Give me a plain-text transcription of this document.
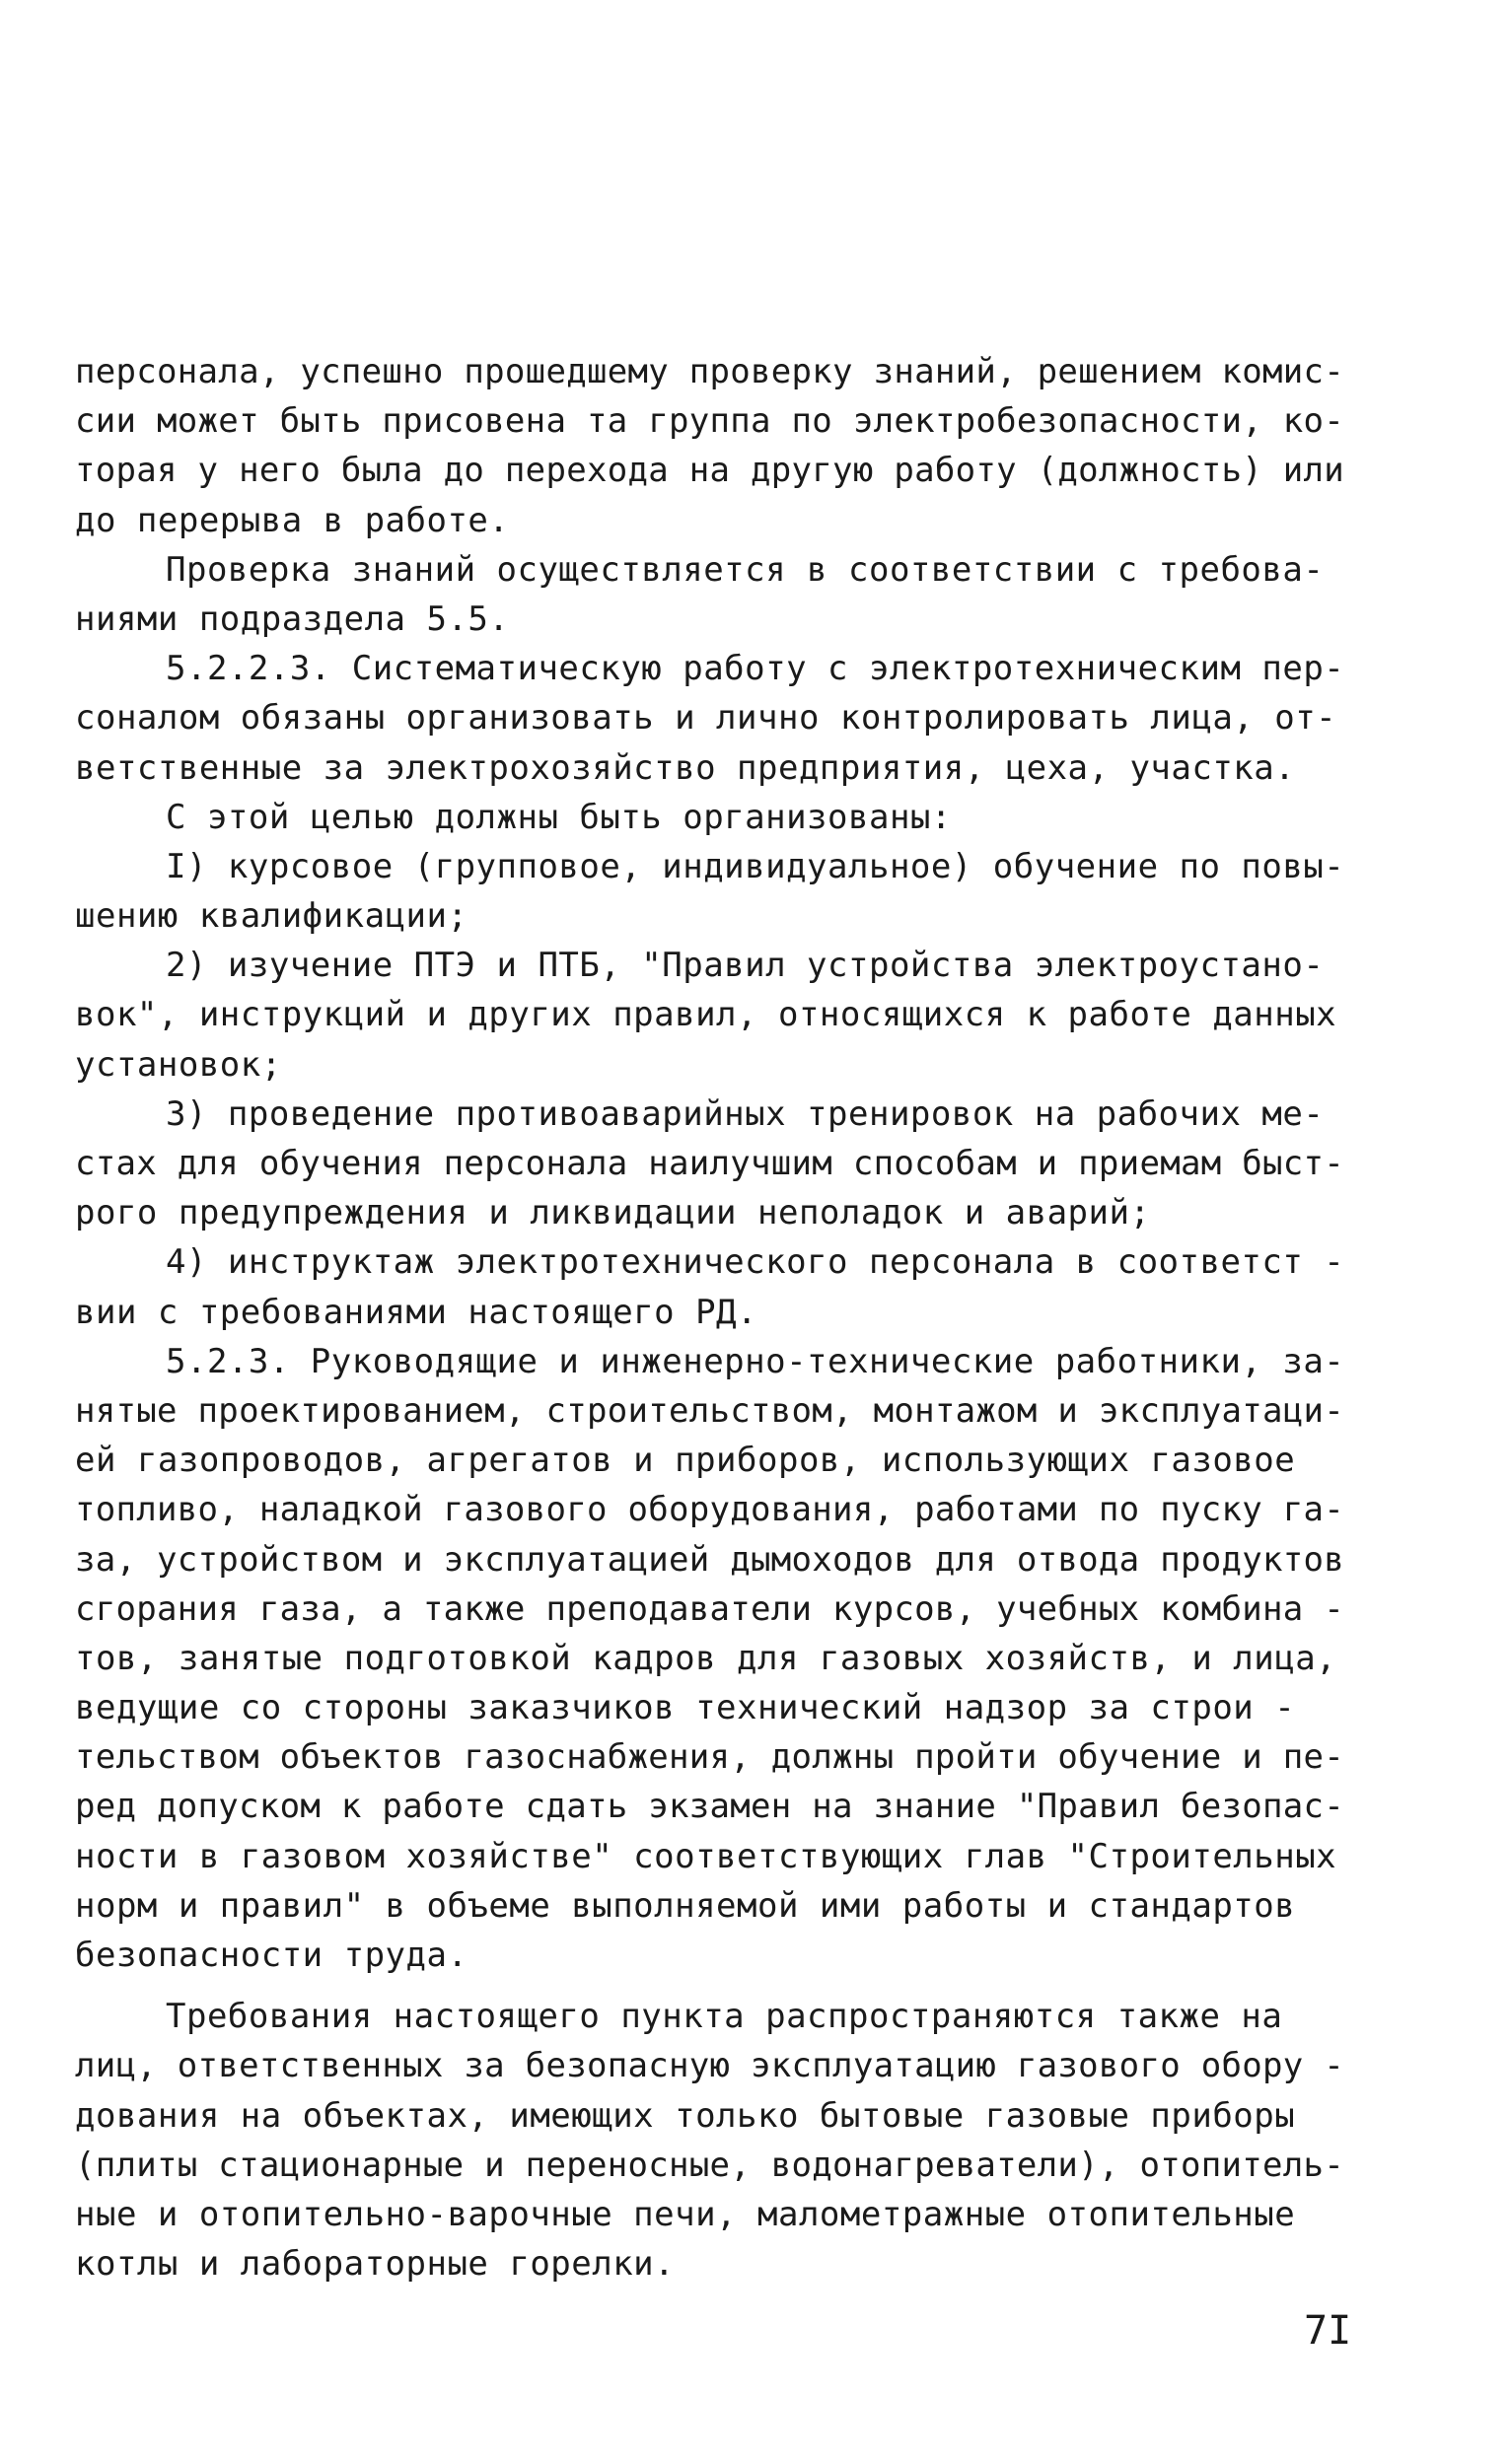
персонала, успешно прошедшему проверку знаний, решением комис-
сии может быть присовена та группа по электробезопасности, ко-
торая у него была до перехода на другую работу (должность) или
до перерыва в работе.
Проверка знаний осуществляется в соответствии с требова-
ниями подраздела 5.5.
5.2.2.3. Систематическую работу с электротехническим пер-
соналом обязаны организовать и лично контролировать лица, от-
ветственные за электрохозяйство предприятия, цеха, участка.
С этой целью должны быть организованы:
I) курсовое (групповое, индивидуальное) обучение по повы-
шению квалификации;
2) изучение ПТЭ и ПТБ, "Правил устройства электроустано-
вок", инструкций и других правил, относящихся к работе данных
установок;
3) проведение противоаварийных тренировок на рабочих ме-
стах для обучения персонала наилучшим способам и приемам быст-
рого предупреждения и ликвидации неполадок и аварий;
4) инструктаж электротехнического персонала в соответст -
вии с требованиями настоящего РД.
5.2.3. Руководящие и инженерно-технические работники, за-
нятые проектированием, строительством, монтажом и эксплуатаци-
ей газопроводов, агрегатов и приборов, использующих газовое
топливо, наладкой газового оборудования, работами по пуску га-
за, устройством и эксплуатацией дымоходов для отвода продуктов
сгорания газа, а также преподаватели курсов, учебных комбина -
тов, занятые подготовкой кадров для газовых хозяйств, и лица,
ведущие со стороны заказчиков технический надзор за строи -
тельством объектов газоснабжения, должны пройти обучение и пе-
ред допуском к работе сдать экзамен на знание "Правил безопас-
ности в газовом хозяйстве" соответствующих глав "Строительных
норм и правил" в объеме выполняемой ими работы и стандартов
безопасности труда.
Требования настоящего пункта распространяются также на
лиц, ответственных за безопасную эксплуатацию газового обору -
дования на объектах, имеющих только бытовые газовые приборы
(плиты стационарные и переносные, водонагреватели), отопитель-
ные и отопительно-варочные печи, малометражные отопительные
котлы и лабораторные горелки.
7I
